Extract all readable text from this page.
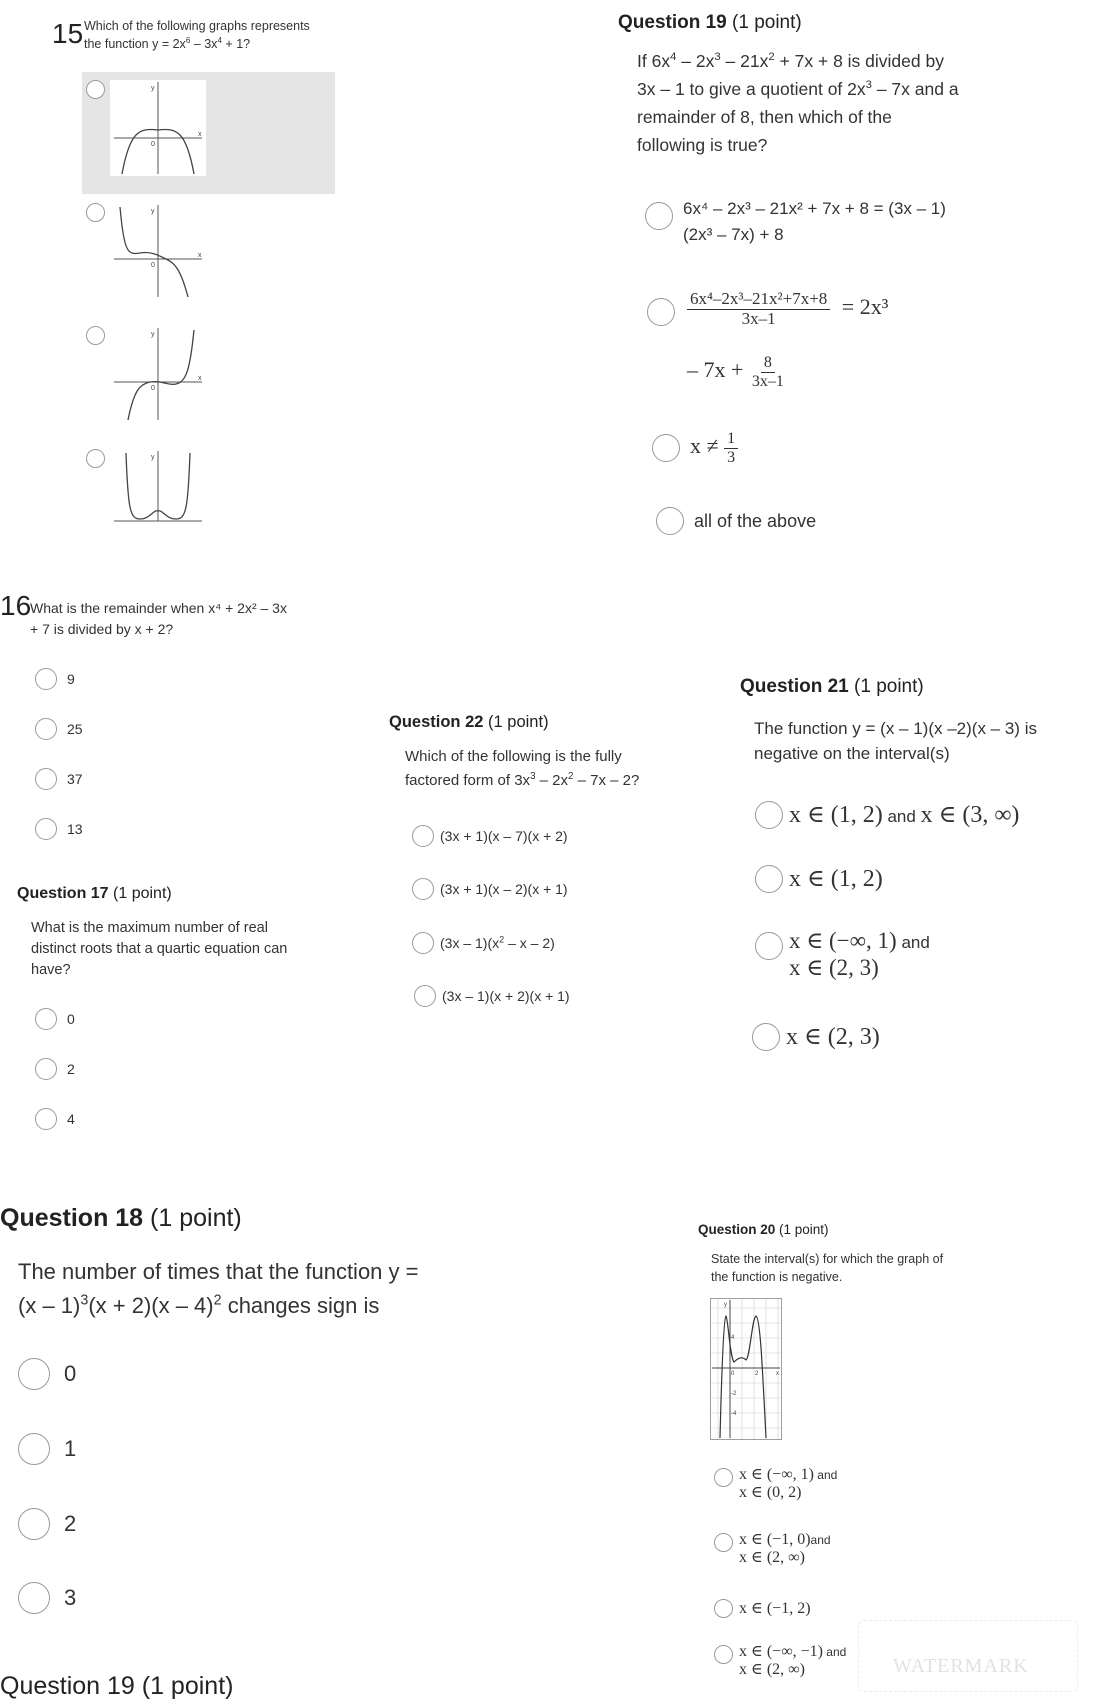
15 Which of the following graphs represents
the function $y = 2x^6 - 3x^4 + 1$?
y
x
0
y
x
0
y
x
0
y
16
What is the remainder when x⁴ + 2x² – 3x
+ 7 is divided by x + 2?
9
25
37
13
Question 17 (1 point)
What is the maximum number of real
distinct roots that a quartic equation can
have?
0
2
4
Question 18 (1 point)
The number of times that the function y =
(x – 1)$^3$(x + 2)(x – 4)$^2$ changes sign is
0
1
2
3
Question 19 (1 point)
Question 19 (1 point)
If $6x^4 - 2x^3 - 21x^2 + 7x + 8$ is divided by
3x – 1 to give a quotient of $2x^3 - 7x$ and a
remainder of 8, then which of the
following is true?
6x⁴ – 2x³ – 21x² + 7x + 8 = (3x – 1)
(2x³ – 7x) + 8
$\frac{\text{6x⁴–2x³–21x²+7x+8}}{3x-1} = 2x^3$
– $7x + \frac{8}{3x-1}$
$x \ne \frac{1}{3}$
all of the above
Question 21 (1 point)
The function y = (x – 1)(x –2)(x – 3) is
negative on the interval(s)
x ∈ (1, 2) and x ∈ (3, ∞)
x ∈ (1, 2)
x ∈ (−∞, 1) and
x ∈ (2, 3)
x ∈ (2, 3)
Question 22 (1 point)
Which of the following is the fully
factored form of $3x^3 - 2x^2 - 7x - 2$?
(3x + 1)(x – 7)(x + 2)
(3x + 1)(x – 2)(x + 1)
$(3x - 1)(x^2$ – x – 2)
(3x – 1)(x + 2)(x + 1)
Question 20 (1 point)
State the interval(s) for which the graph of
the function is negative.
y
x
0	2
4
-2
-4
x ∈ (−∞, 1) and
x ∈ (0, 2)
x ∈ (−1, 0)and
x ∈ (2, ∞)
x ∈ (−1, 2)
x ∈ (−∞, −1) and
x ∈ (2, ∞)	WATERMARK
